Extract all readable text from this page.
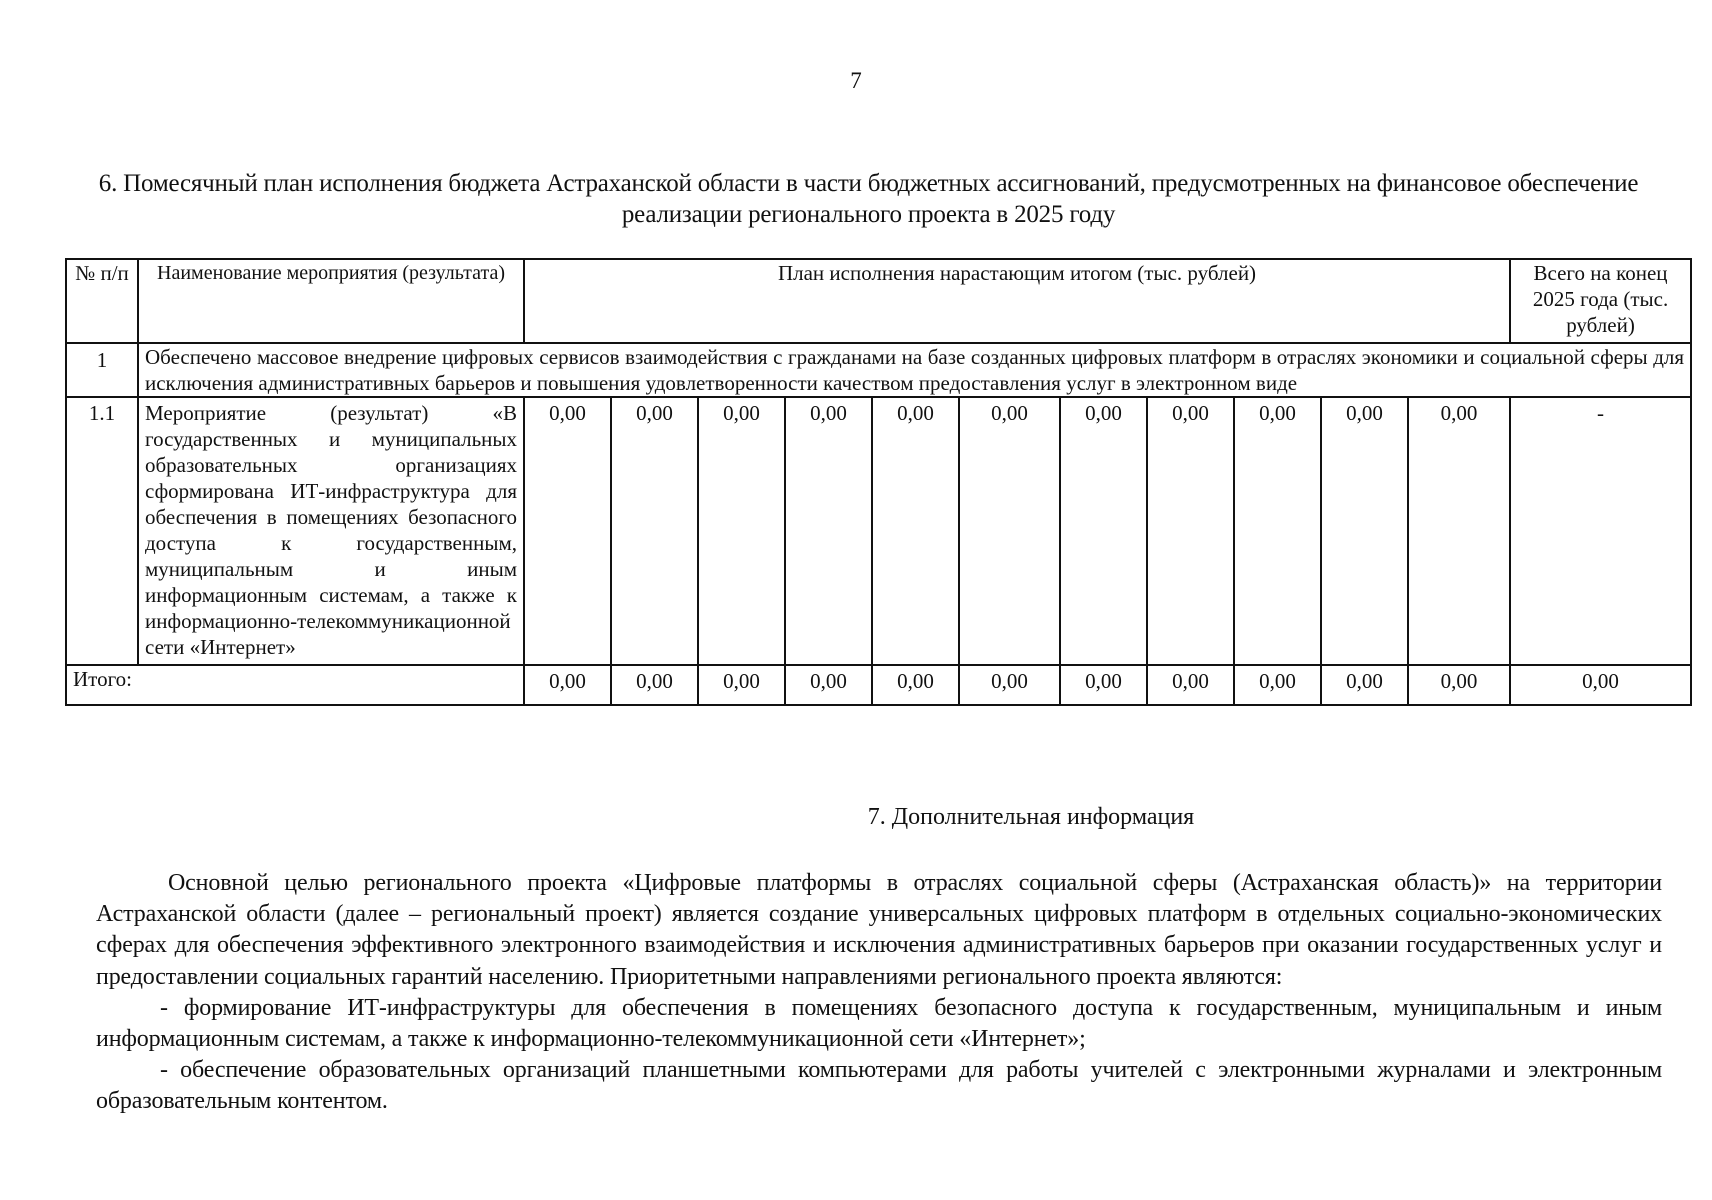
7
6. Помесячный план исполнения бюджета Астраханской области в части бюджетных ассигнований, предусмотренных на финансовое обеспечение реализации регионального проекта в 2025 году
№ п/п	Наименование мероприятия (результата)	План исполнения нарастающим итогом (тыс. рублей)											Всего на конец 2025 года (тыс. рублей)
1	Обеспечено массовое внедрение цифровых сервисов взаимодействия с гражданами на базе созданных цифровых платформ в отраслях экономики и социальной сферы для исключения административных барьеров и повышения удовлетворенности качеством предоставления услуг в электронном виде												
1.1	Мероприятие (результат) «В государственных и муниципальных образовательных организациях сформирована ИТ-инфраструктура для обеспечения в помещениях безопасного доступа к государственным, муниципальным и иным информационным системам, а также к информационно-телекоммуникационной сети «Интернет»	0,00	0,00	0,00	0,00	0,00	0,00	0,00	0,00	0,00	0,00	0,00	-
Итого:		0,00	0,00	0,00	0,00	0,00	0,00	0,00	0,00	0,00	0,00	0,00	0,00
7. Дополнительная информация

Основной целью регионального проекта «Цифровые платформы в отраслях социальной сферы (Астраханская область)» на территории Астраханской области (далее – региональный проект) является создание универсальных цифровых платформ в отдельных социально-экономических сферах для обеспечения эффективного электронного взаимодействия и исключения административных барьеров при оказании государственных услуг и предоставлении социальных гарантий населению. Приоритетными направлениями регионального проекта являются:

- формирование ИТ-инфраструктуры для обеспечения в помещениях безопасного доступа к государственным, муниципальным и иным информационным системам, а также к информационно-телекоммуникационной сети «Интернет»;

- обеспечение образовательных организаций планшетными компьютерами для работы учителей с электронными журналами и электронным образовательным контентом.
